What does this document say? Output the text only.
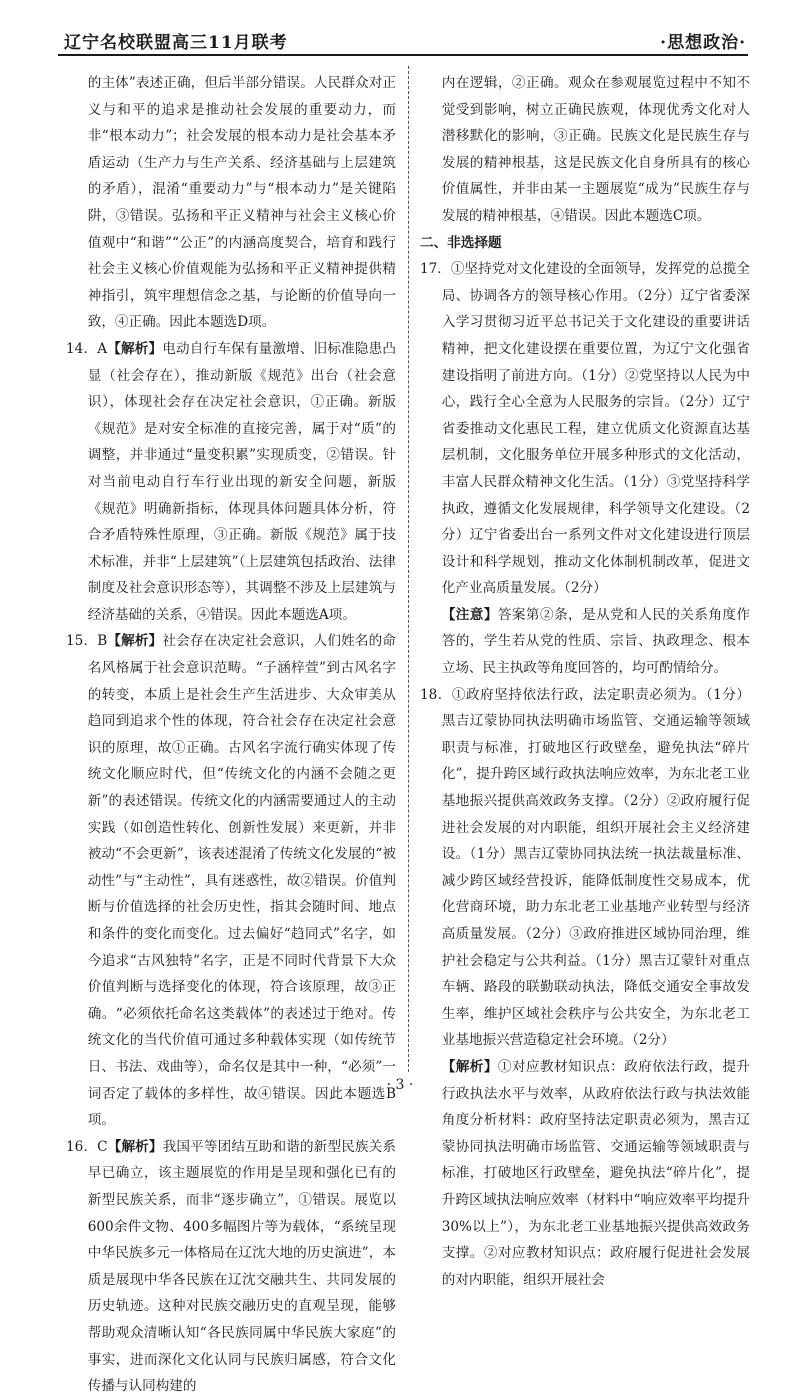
辽宁名校联盟高三11月联考	·思想政治·

的主体”表述正确，但后半部分错误。人民群众对正义与和平的追求是推动社会发展的重要动力，而非“根本动力”；社会发展的根本动力是社会基本矛盾运动（生产力与生产关系、经济基础与上层建筑的矛盾），混淆“重要动力”与“根本动力”是关键陷阱，③错误。弘扬和平正义精神与社会主义核心价值观中“和谐”“公正”的内涵高度契合，培育和践行社会主义核心价值观能为弘扬和平正义精神提供精神指引，筑牢理想信念之基，与论断的价值导向一致，④正确。因此本题选D项。

14．A【解析】电动自行车保有量激增、旧标准隐患凸显（社会存在），推动新版《规范》出台（社会意识），体现社会存在决定社会意识，①正确。新版《规范》是对安全标准的直接完善，属于对“质”的调整，并非通过“量变积累”实现质变，②错误。针对当前电动自行车行业出现的新安全问题，新版《规范》明确新指标，体现具体问题具体分析，符合矛盾特殊性原理，③正确。新版《规范》属于技术标准，并非“上层建筑”（上层建筑包括政治、法律制度及社会意识形态等），其调整不涉及上层建筑与经济基础的关系，④错误。因此本题选A项。

15．B【解析】社会存在决定社会意识，人们姓名的命名风格属于社会意识范畴。“子涵梓萱”到古风名字的转变，本质上是社会生产生活进步、大众审美从趋同到追求个性的体现，符合社会存在决定社会意识的原理，故①正确。古风名字流行确实体现了传统文化顺应时代，但“传统文化的内涵不会随之更新”的表述错误。传统文化的内涵需要通过人的主动实践（如创造性转化、创新性发展）来更新，并非被动“不会更新”，该表述混淆了传统文化发展的“被动性”与“主动性”，具有迷惑性，故②错误。价值判断与价值选择的社会历史性，指其会随时间、地点和条件的变化而变化。过去偏好“趋同式”名字，如今追求“古风独特”名字，正是不同时代背景下大众价值判断与选择变化的体现，符合该原理，故③正确。“必须依托命名这类载体”的表述过于绝对。传统文化的当代价值可通过多种载体实现（如传统节日、书法、戏曲等），命名仅是其中一种，“必须”一词否定了载体的多样性，故④错误。因此本题选B项。

16．C【解析】我国平等团结互助和谐的新型民族关系早已确立，该主题展览的作用是呈现和强化已有的新型民族关系，而非“逐步确立”，①错误。展览以600余件文物、400多幅图片等为载体，“系统呈现中华民族多元一体格局在辽沈大地的历史演进”，本质是展现中华各民族在辽沈交融共生、共同发展的历史轨迹。这种对民族交融历史的直观呈现，能够帮助观众清晰认知“各民族同属中华民族大家庭”的事实，进而深化文化认同与民族归属感，符合文化传播与认同构建的

内在逻辑，②正确。观众在参观展览过程中不知不觉受到影响，树立正确民族观，体现优秀文化对人潜移默化的影响，③正确。民族文化是民族生存与发展的精神根基，这是民族文化自身所具有的核心价值属性，并非由某一主题展览“成为”民族生存与发展的精神根基，④错误。因此本题选C项。

二、非选择题

17．①坚持党对文化建设的全面领导，发挥党的总揽全局、协调各方的领导核心作用。（2分）辽宁省委深入学习贯彻习近平总书记关于文化建设的重要讲话精神，把文化建设摆在重要位置，为辽宁文化强省建设指明了前进方向。（1分）②党坚持以人民为中心，践行全心全意为人民服务的宗旨。（2分）辽宁省委推动文化惠民工程，建立优质文化资源直达基层机制，文化服务单位开展多种形式的文化活动，丰富人民群众精神文化生活。（1分）③党坚持科学执政，遵循文化发展规律，科学领导文化建设。（2分）辽宁省委出台一系列文件对文化建设进行顶层设计和科学规划，推动文化体制机制改革，促进文化产业高质量发展。（2分）

【注意】答案第②条，是从党和人民的关系角度作答的，学生若从党的性质、宗旨、执政理念、根本立场、民主执政等角度回答的，均可酌情给分。

18．①政府坚持依法行政，法定职责必须为。（1分）黑吉辽蒙协同执法明确市场监管、交通运输等领域职责与标准，打破地区行政壁垒，避免执法“碎片化”，提升跨区域行政执法响应效率，为东北老工业基地振兴提供高效政务支撑。（2分）②政府履行促进社会发展的对内职能，组织开展社会主义经济建设。（1分）黑吉辽蒙协同执法统一执法裁量标准、减少跨区域经营投诉，能降低制度性交易成本，优化营商环境，助力东北老工业基地产业转型与经济高质量发展。（2分）③政府推进区域协同治理，维护社会稳定与公共利益。（1分）黑吉辽蒙针对重点车辆、路段的联勤联动执法，降低交通安全事故发生率，维护区域社会秩序与公共安全，为东北老工业基地振兴营造稳定社会环境。（2分）

【解析】①对应教材知识点：政府依法行政，提升行政执法水平与效率，从政府依法行政与执法效能角度分析材料：政府坚持法定职责必须为，黑吉辽蒙协同执法明确市场监管、交通运输等领域职责与标准，打破地区行政壁垒，避免执法“碎片化”，提升跨区域执法响应效率（材料中“响应效率平均提升30%以上”），为东北老工业基地振兴提供高效政务支撑。②对应教材知识点：政府履行促进社会发展的对内职能，组织开展社会

· 3 ·
